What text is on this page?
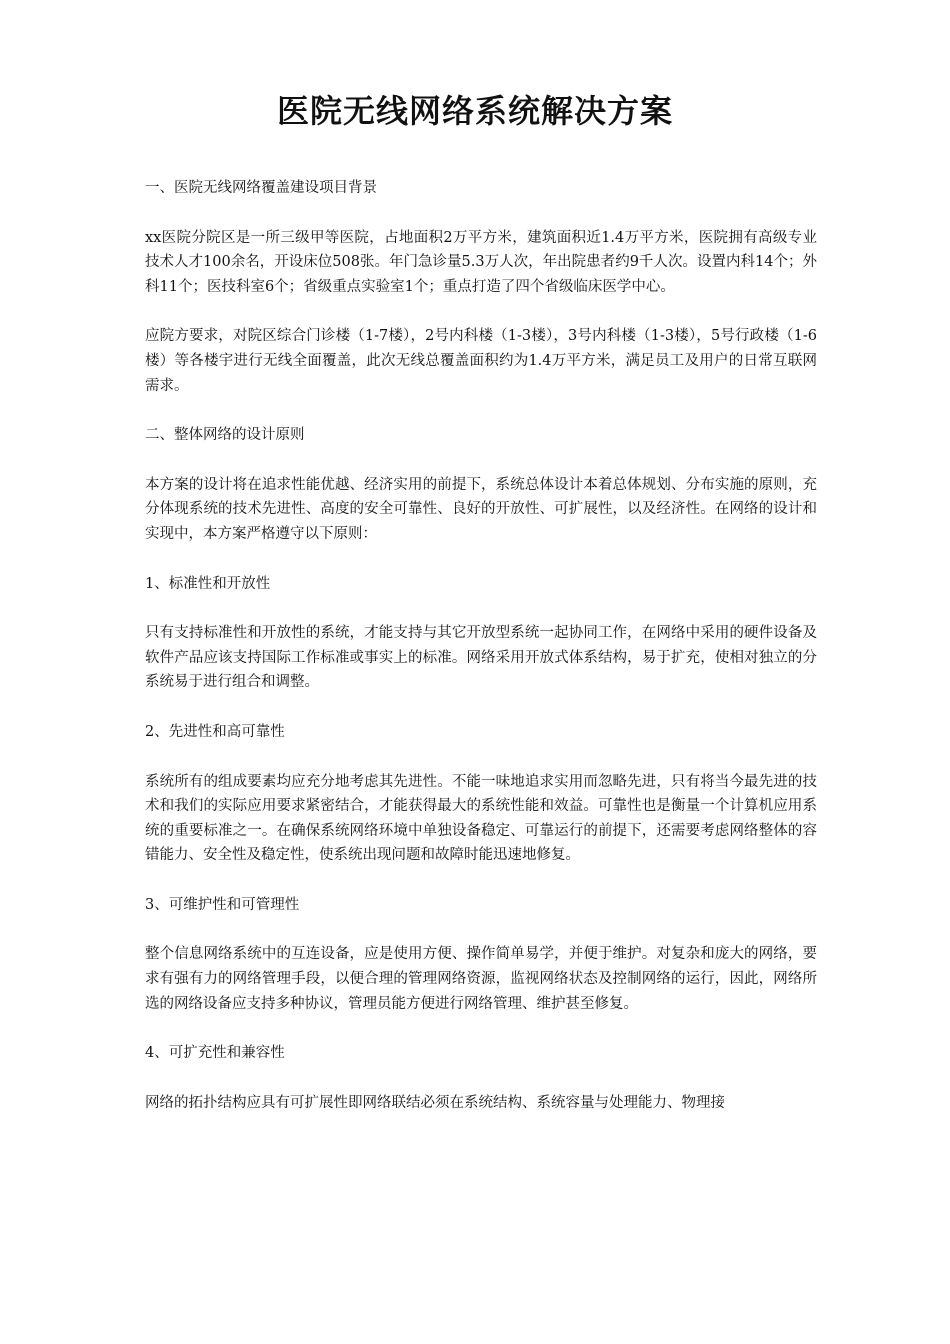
医院无线网络系统解决方案

一、医院无线网络覆盖建设项目背景

xx医院分院区是一所三级甲等医院，占地面积2万平方米，建筑面积近1.4万平方米，医院拥有高级专业技术人才100余名，开设床位508张。年门急诊量5.3万人次，年出院患者约9千人次。设置内科14个；外科11个；医技科室6个；省级重点实验室1个；重点打造了四个省级临床医学中心。

应院方要求，对院区综合门诊楼（1-7楼），2号内科楼（1-3楼），3号内科楼（1-3楼），5号行政楼（1-6楼）等各楼宇进行无线全面覆盖，此次无线总覆盖面积约为1.4万平方米，满足员工及用户的日常互联网需求。

二、整体网络的设计原则

本方案的设计将在追求性能优越、经济实用的前提下，系统总体设计本着总体规划、分布实施的原则，充分体现系统的技术先进性、高度的安全可靠性、良好的开放性、可扩展性，以及经济性。在网络的设计和实现中，本方案严格遵守以下原则：

1、标准性和开放性

只有支持标准性和开放性的系统，才能支持与其它开放型系统一起协同工作，在网络中采用的硬件设备及软件产品应该支持国际工作标准或事实上的标准。网络采用开放式体系结构，易于扩充，使相对独立的分系统易于进行组合和调整。

2、先进性和高可靠性

系统所有的组成要素均应充分地考虑其先进性。不能一味地追求实用而忽略先进，只有将当今最先进的技术和我们的实际应用要求紧密结合，才能获得最大的系统性能和效益。可靠性也是衡量一个计算机应用系统的重要标准之一。在确保系统网络环境中单独设备稳定、可靠运行的前提下，还需要考虑网络整体的容错能力、安全性及稳定性，使系统出现问题和故障时能迅速地修复。

3、可维护性和可管理性

整个信息网络系统中的互连设备，应是使用方便、操作简单易学，并便于维护。对复杂和庞大的网络，要求有强有力的网络管理手段，以便合理的管理网络资源，监视网络状态及控制网络的运行，因此，网络所选的网络设备应支持多种协议，管理员能方便进行网络管理、维护甚至修复。

4、可扩充性和兼容性

网络的拓扑结构应具有可扩展性即网络联结必须在系统结构、系统容量与处理能力、物理接
